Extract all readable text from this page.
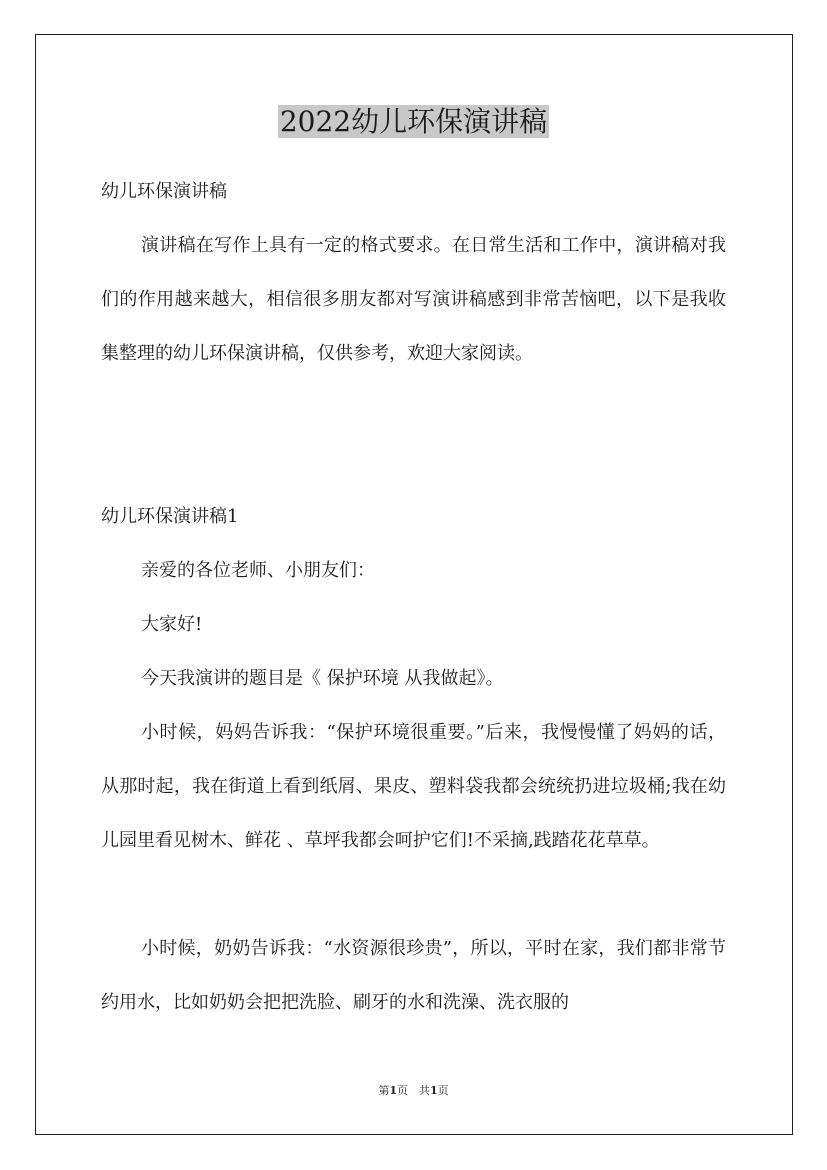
2022幼儿环保演讲稿

幼儿环保演讲稿

演讲稿在写作上具有一定的格式要求。在日常生活和工作中，演讲稿对我们的作用越来越大，相信很多朋友都对写演讲稿感到非常苦恼吧，以下是我收集整理的幼儿环保演讲稿，仅供参考，欢迎大家阅读。

幼儿环保演讲稿1

亲爱的各位老师、小朋友们：

大家好!

今天我演讲的题目是《 保护环境 从我做起》。

小时候，妈妈告诉我：“保护环境很重要。”后来，我慢慢懂了妈妈的话，从那时起，我在街道上看到纸屑、果皮、塑料袋我都会统统扔进垃圾桶;我在幼儿园里看见树木、鲜花 、草坪我都会呵护它们!不采摘,践踏花花草草。

小时候，奶奶告诉我：“水资源很珍贵”，所以，平时在家，我们都非常节约用水，比如奶奶会把把洗脸、刷牙的水和洗澡、洗衣服的

第1页　共1页
